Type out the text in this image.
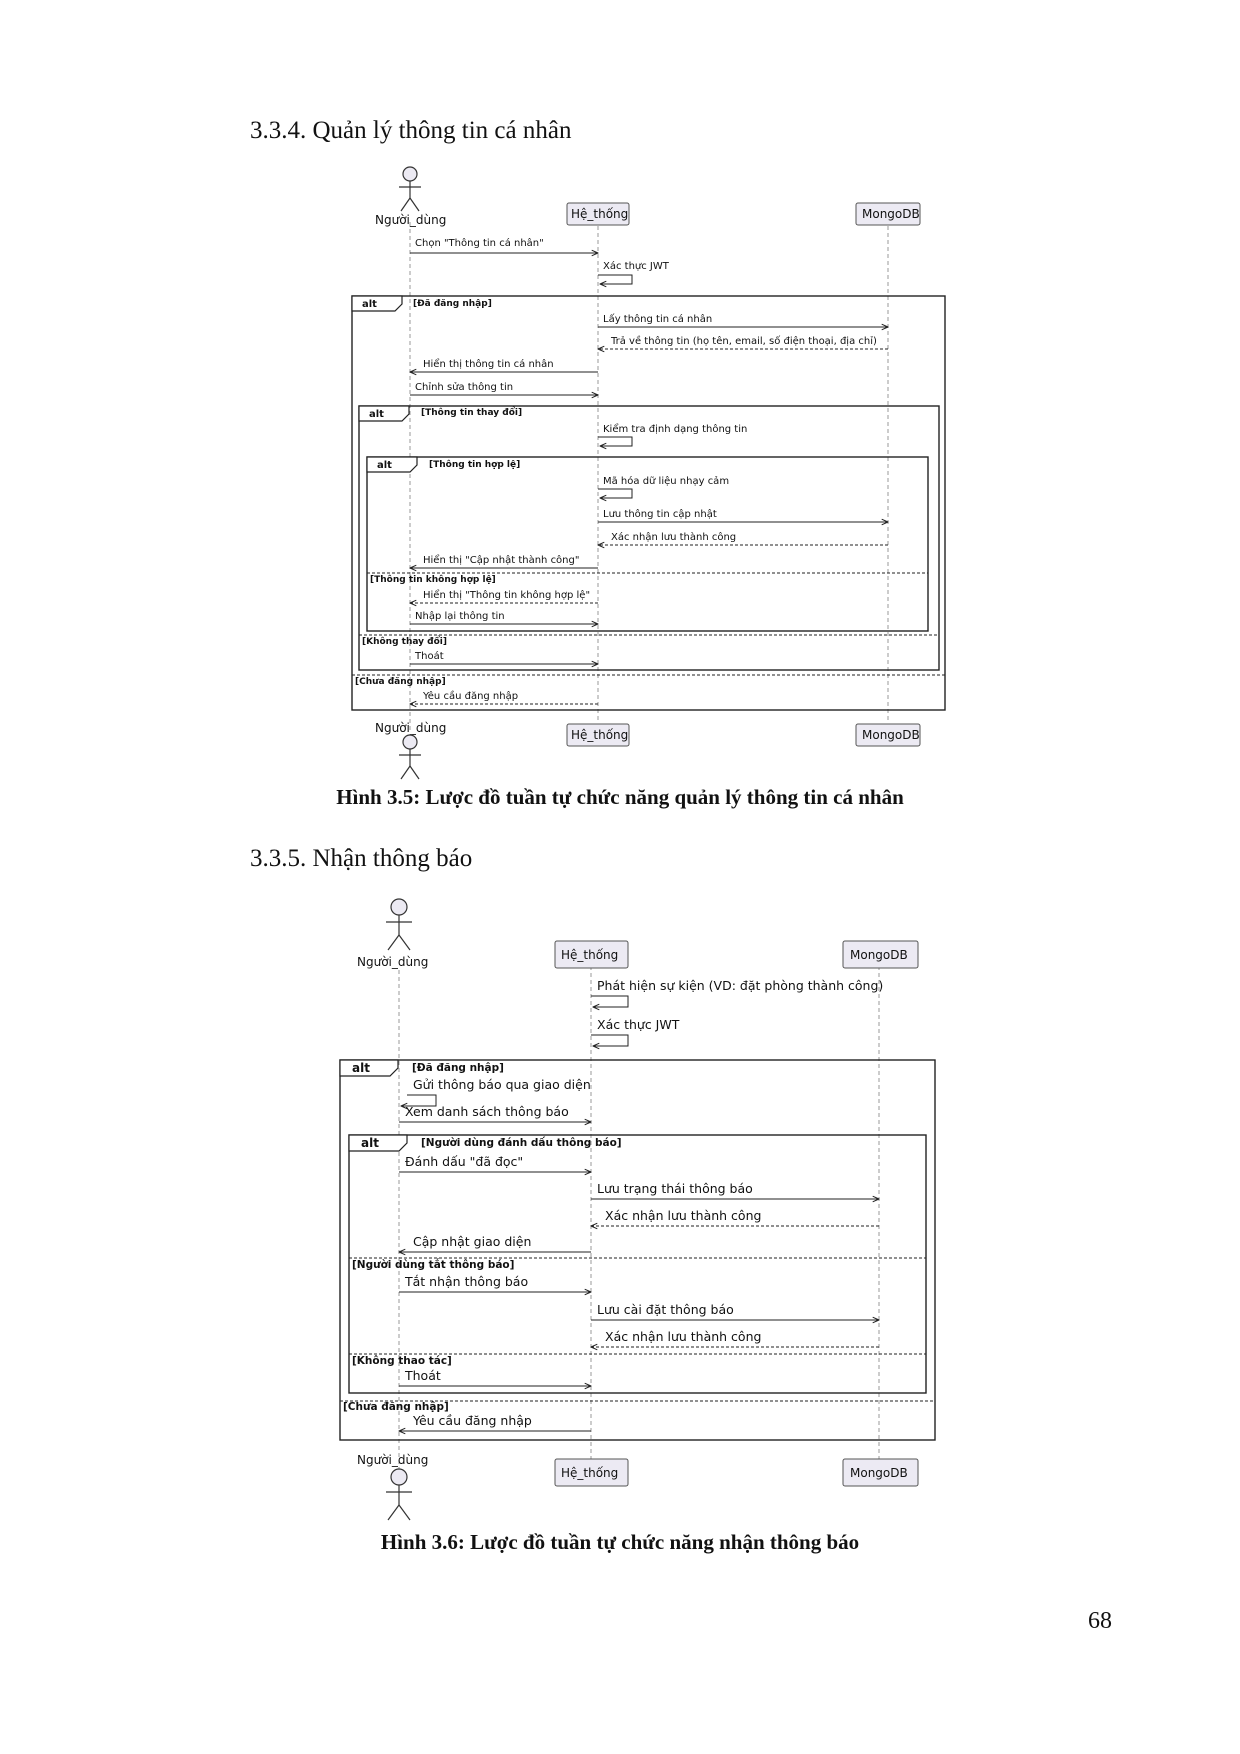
3.3.4. Quản lý thông tin cá nhân
3.3.5. Nhận thông báo
Hình 3.5: Lược đồ tuần tự chức năng quản lý thông tin cá nhân
Hình 3.6: Lược đồ tuần tự chức năng nhận thông báo
68
Người_dùng	Hệ_thống	MongoDB
alt
alt
alt
[Đã đăng nhập]
[Thông tin thay đổi]
[Thông tin hợp lệ]
[Thông tin không hợp lệ]
[Không thay đổi]
[Chưa đăng nhập]
Chọn "Thông tin cá nhân"
Xác thực JWT
Lấy thông tin cá nhân
Trả về thông tin (họ tên, email, số điện thoại, địa chỉ)
Hiển thị thông tin cá nhân
Chỉnh sửa thông tin
Kiểm tra định dạng thông tin
Mã hóa dữ liệu nhạy cảm
Lưu thông tin cập nhật
Xác nhận lưu thành công
Hiển thị "Cập nhật thành công"
Hiển thị "Thông tin không hợp lệ"
Nhập lại thông tin
Thoát
Yêu cầu đăng nhập
Người_dùng	Hệ_thống	MongoDB
Người_dùng	Hệ_thống	MongoDB
alt
alt
[Đã đăng nhập]
[Người dùng đánh dấu thông báo]
[Người dùng tắt thông báo]
[Không thao tác]
[Chưa đăng nhập]
Phát hiện sự kiện (VD: đặt phòng thành công)
Xác thực JWT
Gửi thông báo qua giao diện
Xem danh sách thông báo
Đánh dấu "đã đọc"
Lưu trạng thái thông báo
Xác nhận lưu thành công
Cập nhật giao diện
Tắt nhận thông báo
Lưu cài đặt thông báo
Xác nhận lưu thành công
Thoát
Yêu cầu đăng nhập
Người_dùng
Hệ_thống	MongoDB
